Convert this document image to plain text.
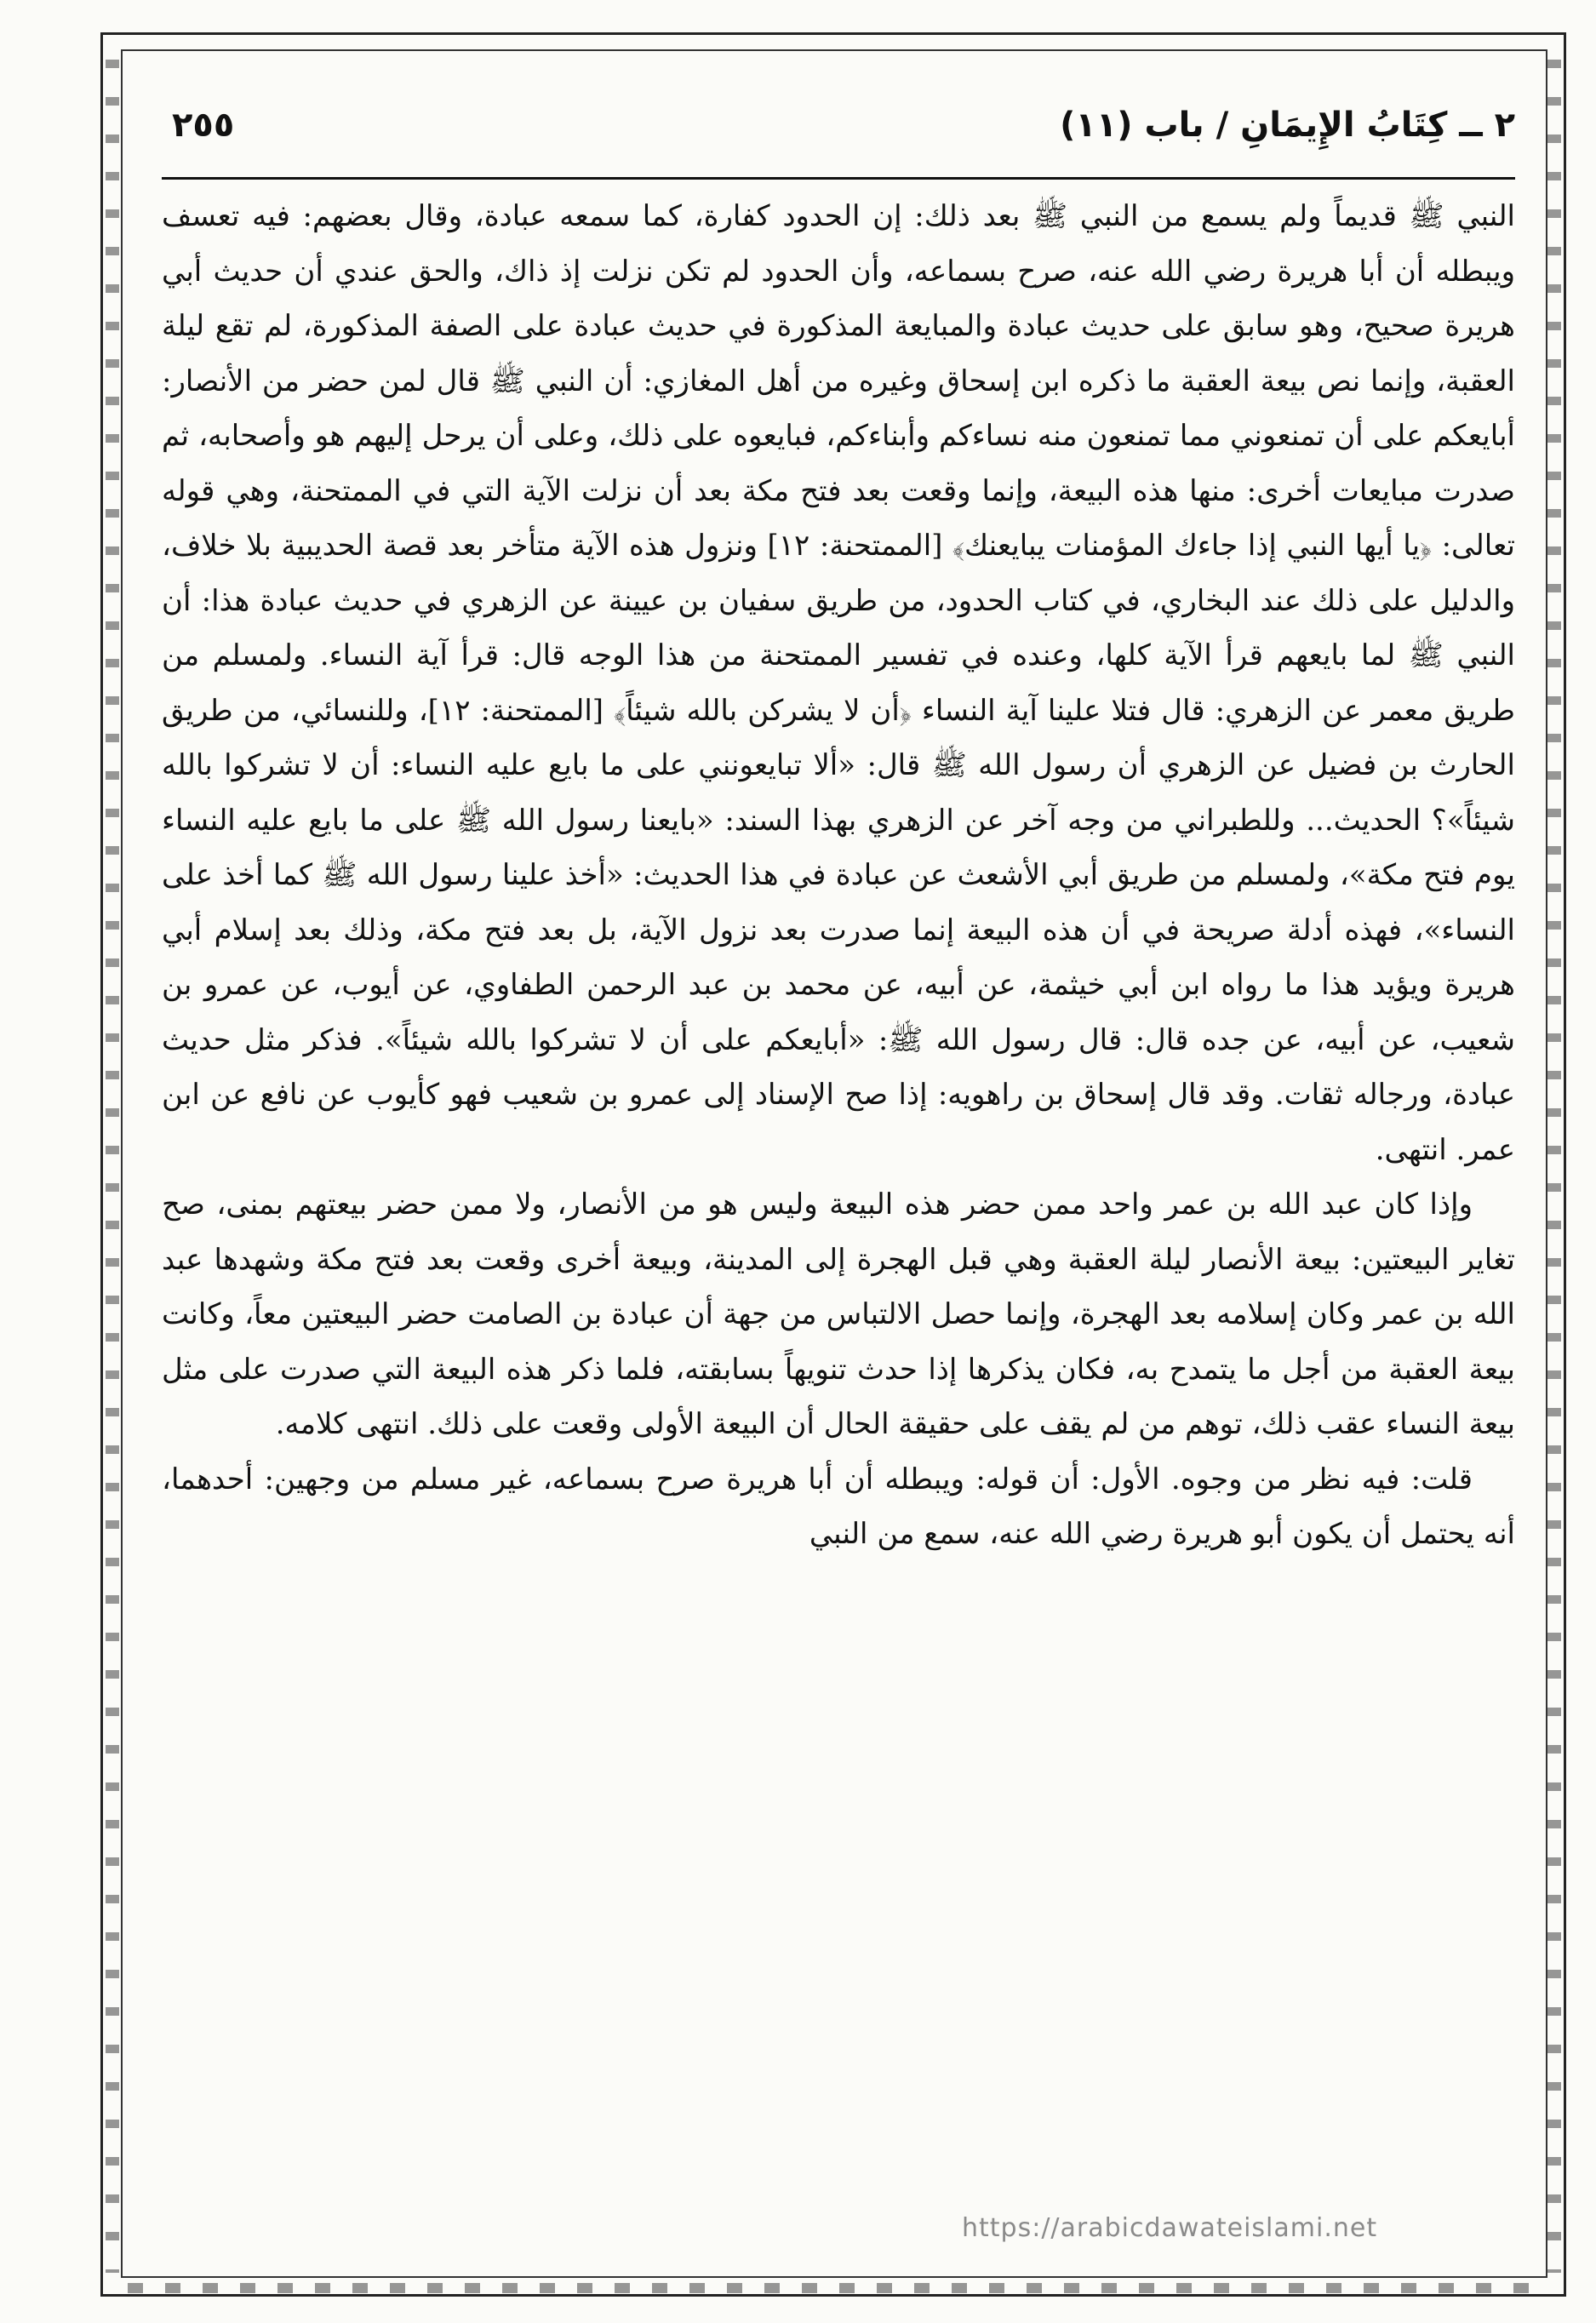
٢ ــ كِتَابُ الإِيمَانِ / باب (١١)
٢٥٥

النبي ﷺ قديماً ولم يسمع من النبي ﷺ بعد ذلك: إن الحدود كفارة، كما سمعه عبادة، وقال بعضهم: فيه تعسف ويبطله أن أبا هريرة رضي الله عنه، صرح بسماعه، وأن الحدود لم تكن نزلت إذ ذاك، والحق عندي أن حديث أبي هريرة صحيح، وهو سابق على حديث عبادة والمبايعة المذكورة في حديث عبادة على الصفة المذكورة، لم تقع ليلة العقبة، وإنما نص بيعة العقبة ما ذكره ابن إسحاق وغيره من أهل المغازي: أن النبي ﷺ قال لمن حضر من الأنصار: أبايعكم على أن تمنعوني مما تمنعون منه نساءكم وأبناءكم، فبايعوه على ذلك، وعلى أن يرحل إليهم هو وأصحابه، ثم صدرت مبايعات أخرى: منها هذه البيعة، وإنما وقعت بعد فتح مكة بعد أن نزلت الآية التي في الممتحنة، وهي قوله تعالى: ﴿يا أيها النبي إذا جاءك المؤمنات يبايعنك﴾ [الممتحنة: ١٢] ونزول هذه الآية متأخر بعد قصة الحديبية بلا خلاف، والدليل على ذلك عند البخاري، في كتاب الحدود، من طريق سفيان بن عيينة عن الزهري في حديث عبادة هذا: أن النبي ﷺ لما بايعهم قرأ الآية كلها، وعنده في تفسير الممتحنة من هذا الوجه قال: قرأ آية النساء. ولمسلم من طريق معمر عن الزهري: قال فتلا علينا آية النساء ﴿أن لا يشركن بالله شيئاً﴾ [الممتحنة: ١٢]، وللنسائي، من طريق الحارث بن فضيل عن الزهري أن رسول الله ﷺ قال: «ألا تبايعونني على ما بايع عليه النساء: أن لا تشركوا بالله شيئاً»؟ الحديث... وللطبراني من وجه آخر عن الزهري بهذا السند: «بايعنا رسول الله ﷺ على ما بايع عليه النساء يوم فتح مكة»، ولمسلم من طريق أبي الأشعث عن عبادة في هذا الحديث: «أخذ علينا رسول الله ﷺ كما أخذ على النساء»، فهذه أدلة صريحة في أن هذه البيعة إنما صدرت بعد نزول الآية، بل بعد فتح مكة، وذلك بعد إسلام أبي هريرة ويؤيد هذا ما رواه ابن أبي خيثمة، عن أبيه، عن محمد بن عبد الرحمن الطفاوي، عن أيوب، عن عمرو بن شعيب، عن أبيه، عن جده قال: قال رسول الله ﷺ: «أبايعكم على أن لا تشركوا بالله شيئاً». فذكر مثل حديث عبادة، ورجاله ثقات. وقد قال إسحاق بن راهويه: إذا صح الإسناد إلى عمرو بن شعيب فهو كأيوب عن نافع عن ابن عمر. انتهى.

وإذا كان عبد الله بن عمر واحد ممن حضر هذه البيعة وليس هو من الأنصار، ولا ممن حضر بيعتهم بمنى، صح تغاير البيعتين: بيعة الأنصار ليلة العقبة وهي قبل الهجرة إلى المدينة، وبيعة أخرى وقعت بعد فتح مكة وشهدها عبد الله بن عمر وكان إسلامه بعد الهجرة، وإنما حصل الالتباس من جهة أن عبادة بن الصامت حضر البيعتين معاً، وكانت بيعة العقبة من أجل ما يتمدح به، فكان يذكرها إذا حدث تنويهاً بسابقته، فلما ذكر هذه البيعة التي صدرت على مثل بيعة النساء عقب ذلك، توهم من لم يقف على حقيقة الحال أن البيعة الأولى وقعت على ذلك. انتهى كلامه.

قلت: فيه نظر من وجوه. الأول: أن قوله: ويبطله أن أبا هريرة صرح بسماعه، غير مسلم من وجهين: أحدهما، أنه يحتمل أن يكون أبو هريرة رضي الله عنه، سمع من النبي

https://arabicdawateislami.net
